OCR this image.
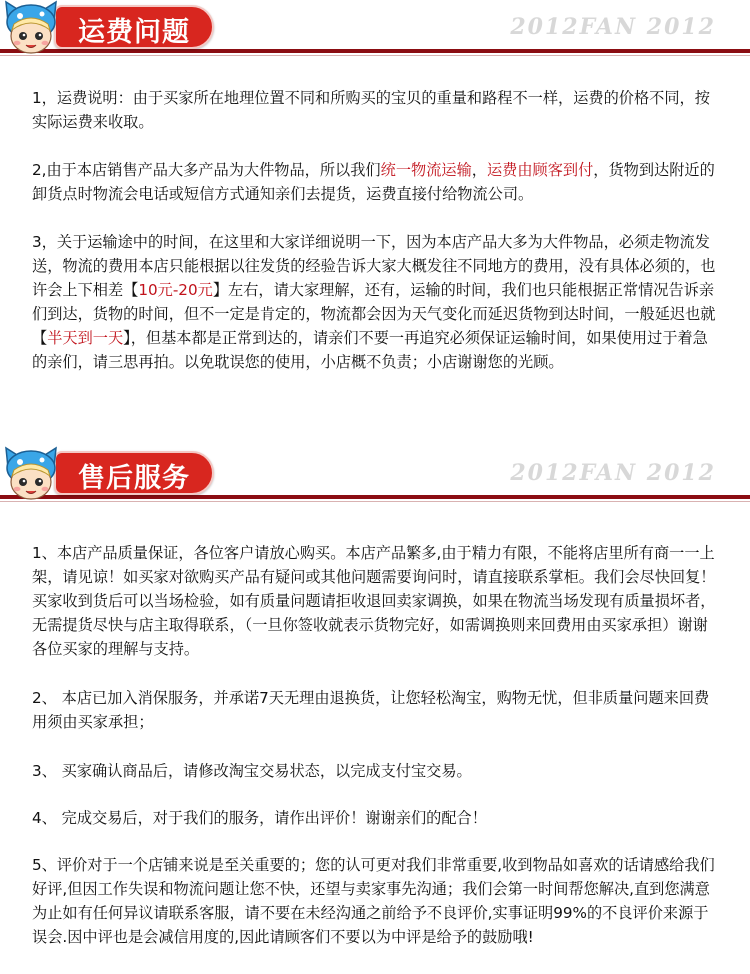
2012FAN 2012
运费问题

1，运费说明：由于买家所在地理位置不同和所购买的宝贝的重量和路程不一样，运费的价格不同，按实际运费来收取。

2,由于本店销售产品大多产品为大件物品，所以我们统一物流运输，运费由顾客到付，货物到达附近的卸货点时物流会电话或短信方式通知亲们去提货，运费直接付给物流公司。

3，关于运输途中的时间，在这里和大家详细说明一下，因为本店产品大多为大件物品，必须走物流发送，物流的费用本店只能根据以往发货的经验告诉大家大概发往不同地方的费用，没有具体必须的，也许会上下相差【10元-20元】左右，请大家理解，还有，运输的时间，我们也只能根据正常情况告诉亲们到达，货物的时间，但不一定是肯定的，物流都会因为天气变化而延迟货物到达时间，一般延迟也就【半天到一天】，但基本都是正常到达的，请亲们不要一再追究必须保证运输时间，如果使用过于着急的亲们，请三思再拍。以免耽误您的使用，小店概不负责；小店谢谢您的光顾。

2012FAN 2012
售后服务

1、本店产品质量保证，各位客户请放心购买。本店产品繁多,由于精力有限，不能将店里所有商一一上架，请见谅！如买家对欲购买产品有疑问或其他问题需要询问时，请直接联系掌柜。我们会尽快回复！买家收到货后可以当场检验，如有质量问题请拒收退回卖家调换，如果在物流当场发现有质量损坏者，无需提货尽快与店主取得联系，（一旦你签收就表示货物完好，如需调换则来回费用由买家承担）谢谢各位买家的理解与支持。

2、 本店已加入消保服务，并承诺7天无理由退换货，让您轻松淘宝，购物无忧，但非质量问题来回费用须由买家承担；

3、 买家确认商品后，请修改淘宝交易状态，以完成支付宝交易。

4、 完成交易后，对于我们的服务，请作出评价！谢谢亲们的配合！

5、评价对于一个店铺来说是至关重要的；您的认可更对我们非常重要,收到物品如喜欢的话请感给我们好评,但因工作失误和物流问题让您不快，还望与卖家事先沟通；我们会第一时间帮您解决,直到您满意为止如有任何异议请联系客服，请不要在未经沟通之前给予不良评价,实事证明99%的不良评价来源于误会.因中评也是会减信用度的,因此请顾客们不要以为中评是给予的鼓励哦!
